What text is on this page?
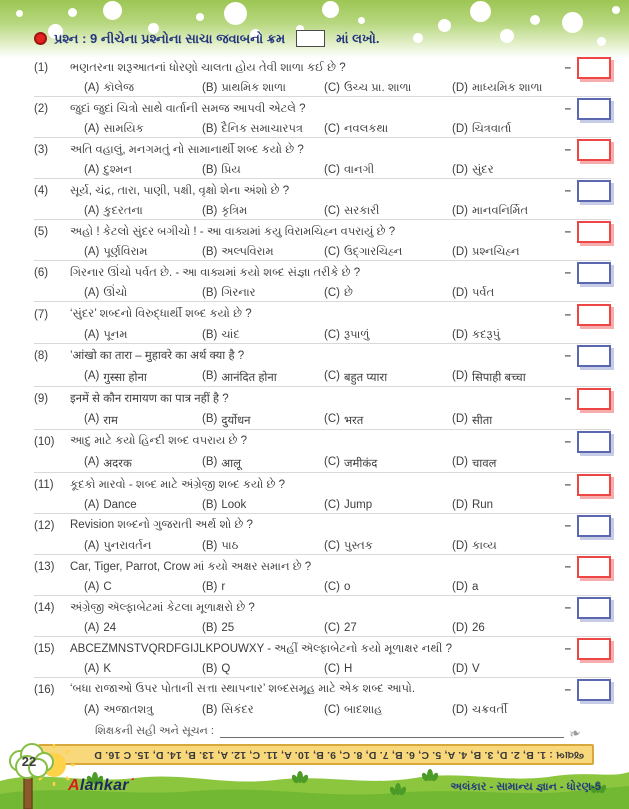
પ્રશ્ન : 9 નીચેના પ્રશ્નોના સાચા જવાબનો ક્રમ	માં લખો.
(1)	ભણતરના શરૂઆતનાં ધોરણો ચાલતા હોય તેવી શાળા કઈ છે ?	–
(A) કૉલેજ	(B) પ્રાથમિક શાળા	(C) ઉચ્ચ પ્રા. શાળા	(D) માધ્યમિક શાળા
(2)	જુદાં જુદાં ચિત્રો સાથે વાર્તાની સમજ આપવી એટલે ?	–
(A) સામયિક	(B) દૈનિક સમાચારપત્ર (C) નવલકથા	(D) ચિત્રવાર્તા
(3)	અતિ વહાલું, મનગમતું નો સામાનાર્થી શબ્દ કયો છે ?	–
(A) દુશ્મન	(B) પ્રિય	(C) વાનગી	(D) સુંદર
(4)	સૂર્ય, ચંદ્ર, તારા, પાણી, પક્ષી, વૃક્ષો શેના અંશો છે ?	–
(A) કુદરતના	(B) કૃત્રિમ	(C) સરકારી	(D) માનવનિર્મિત
(5)	અહો ! કેટલો સુંદર બગીચો ! - આ વાક્યમાં કયુ વિરામચિહ્ન વપરાયું છે ?	–
(A) પૂર્ણવિરામ	(B) અલ્પવિરામ	(C) ઉદ્ગારચિહ્ન	(D) પ્રશ્નચિહ્ન
(6)	ગિરનાર ઊંચો પર્વત છે. - આ વાક્યમાં કયો શબ્દ સંજ્ઞા તરીકે છે ?	–
(A) ઊંચો	(B) ગિરનાર	(C) છે	(D) પર્વત
(7)	‘સુંદર’ શબ્દનો વિરુદ્ધાર્થી શબ્દ કયો છે ?	–
(A) પૂનમ	(B) ચાંદ	(C) રૂપાળું	(D) કદરૂપું
(8)	’आंखो का तारा – मुहावरे का अर्थ क्या है ?	–
(A) गुस्सा होना	(B) आनंदित होना	(C) बहुत प्यारा	(D) सिपाही बच्चा
(9)	इनमें से कौन रामायण का पात्र नहीं है ?	–
(A) राम	(B) दुर्योधन	(C) भरत	(D) सीता
(10)	આદુ માટે કયો હિન્દી શબ્દ વપરાય છે ?	–
(A) अदरक	(B) आलू	(C) जमीकंद	(D) चावल
(11)	કૂદકો મારવો - શબ્દ માટે અંગ્રેજી શબ્દ કયો છે ?	–
(A) Dance	(B) Look	(C) Jump	(D) Run
(12)	Revision શબ્દનો ગુજરાતી અર્થ શો છે ?	–
(A) પુનરાવર્તન	(B) પાઠ	(C) પુસ્તક	(D) કાવ્ય
(13)	Car, Tiger, Parrot, Crow માં કયો અક્ષર સમાન છે ?	–
(A) C	(B) r	(C) o	(D) a
(14)	અંગ્રેજી ઍલ્ફાબેટમાં કેટલા મૂળાક્ષરો છે ?	–
(A) 24	(B) 25	(C) 27	(D) 26
(15)	ABCEZMNSTVQRDFGIJLKPOUWXY - અહીં ઍલ્ફાબેટનો કયો મૂળાક્ષર નથી ?	–
(A) K	(B) Q	(C) H	(D) V
(16)	‘બધા રાજાઓ ઉપર પોતાની સત્તા સ્થાપનાર’ શબ્દસમૂહ માટે એક શબ્દ આપો.	–
(A) અજાતશત્રુ	(B) સિકંદર	(C) બાદશાહ	(D) ચક્રવર્તી
શિક્ષકની સહી અને સૂચન :	❧
જવાબ : 1. B, 2. D, 3. B, 4. A, 5. C, 6. B, 7. D, 8. C, 9. B, 10. A, 11. C, 12. A, 13. B, 14. D, 15. C 16. D
22
Alankar˙	અલંકાર - સામાન્ય જ્ઞાન - ધોરણ-5
